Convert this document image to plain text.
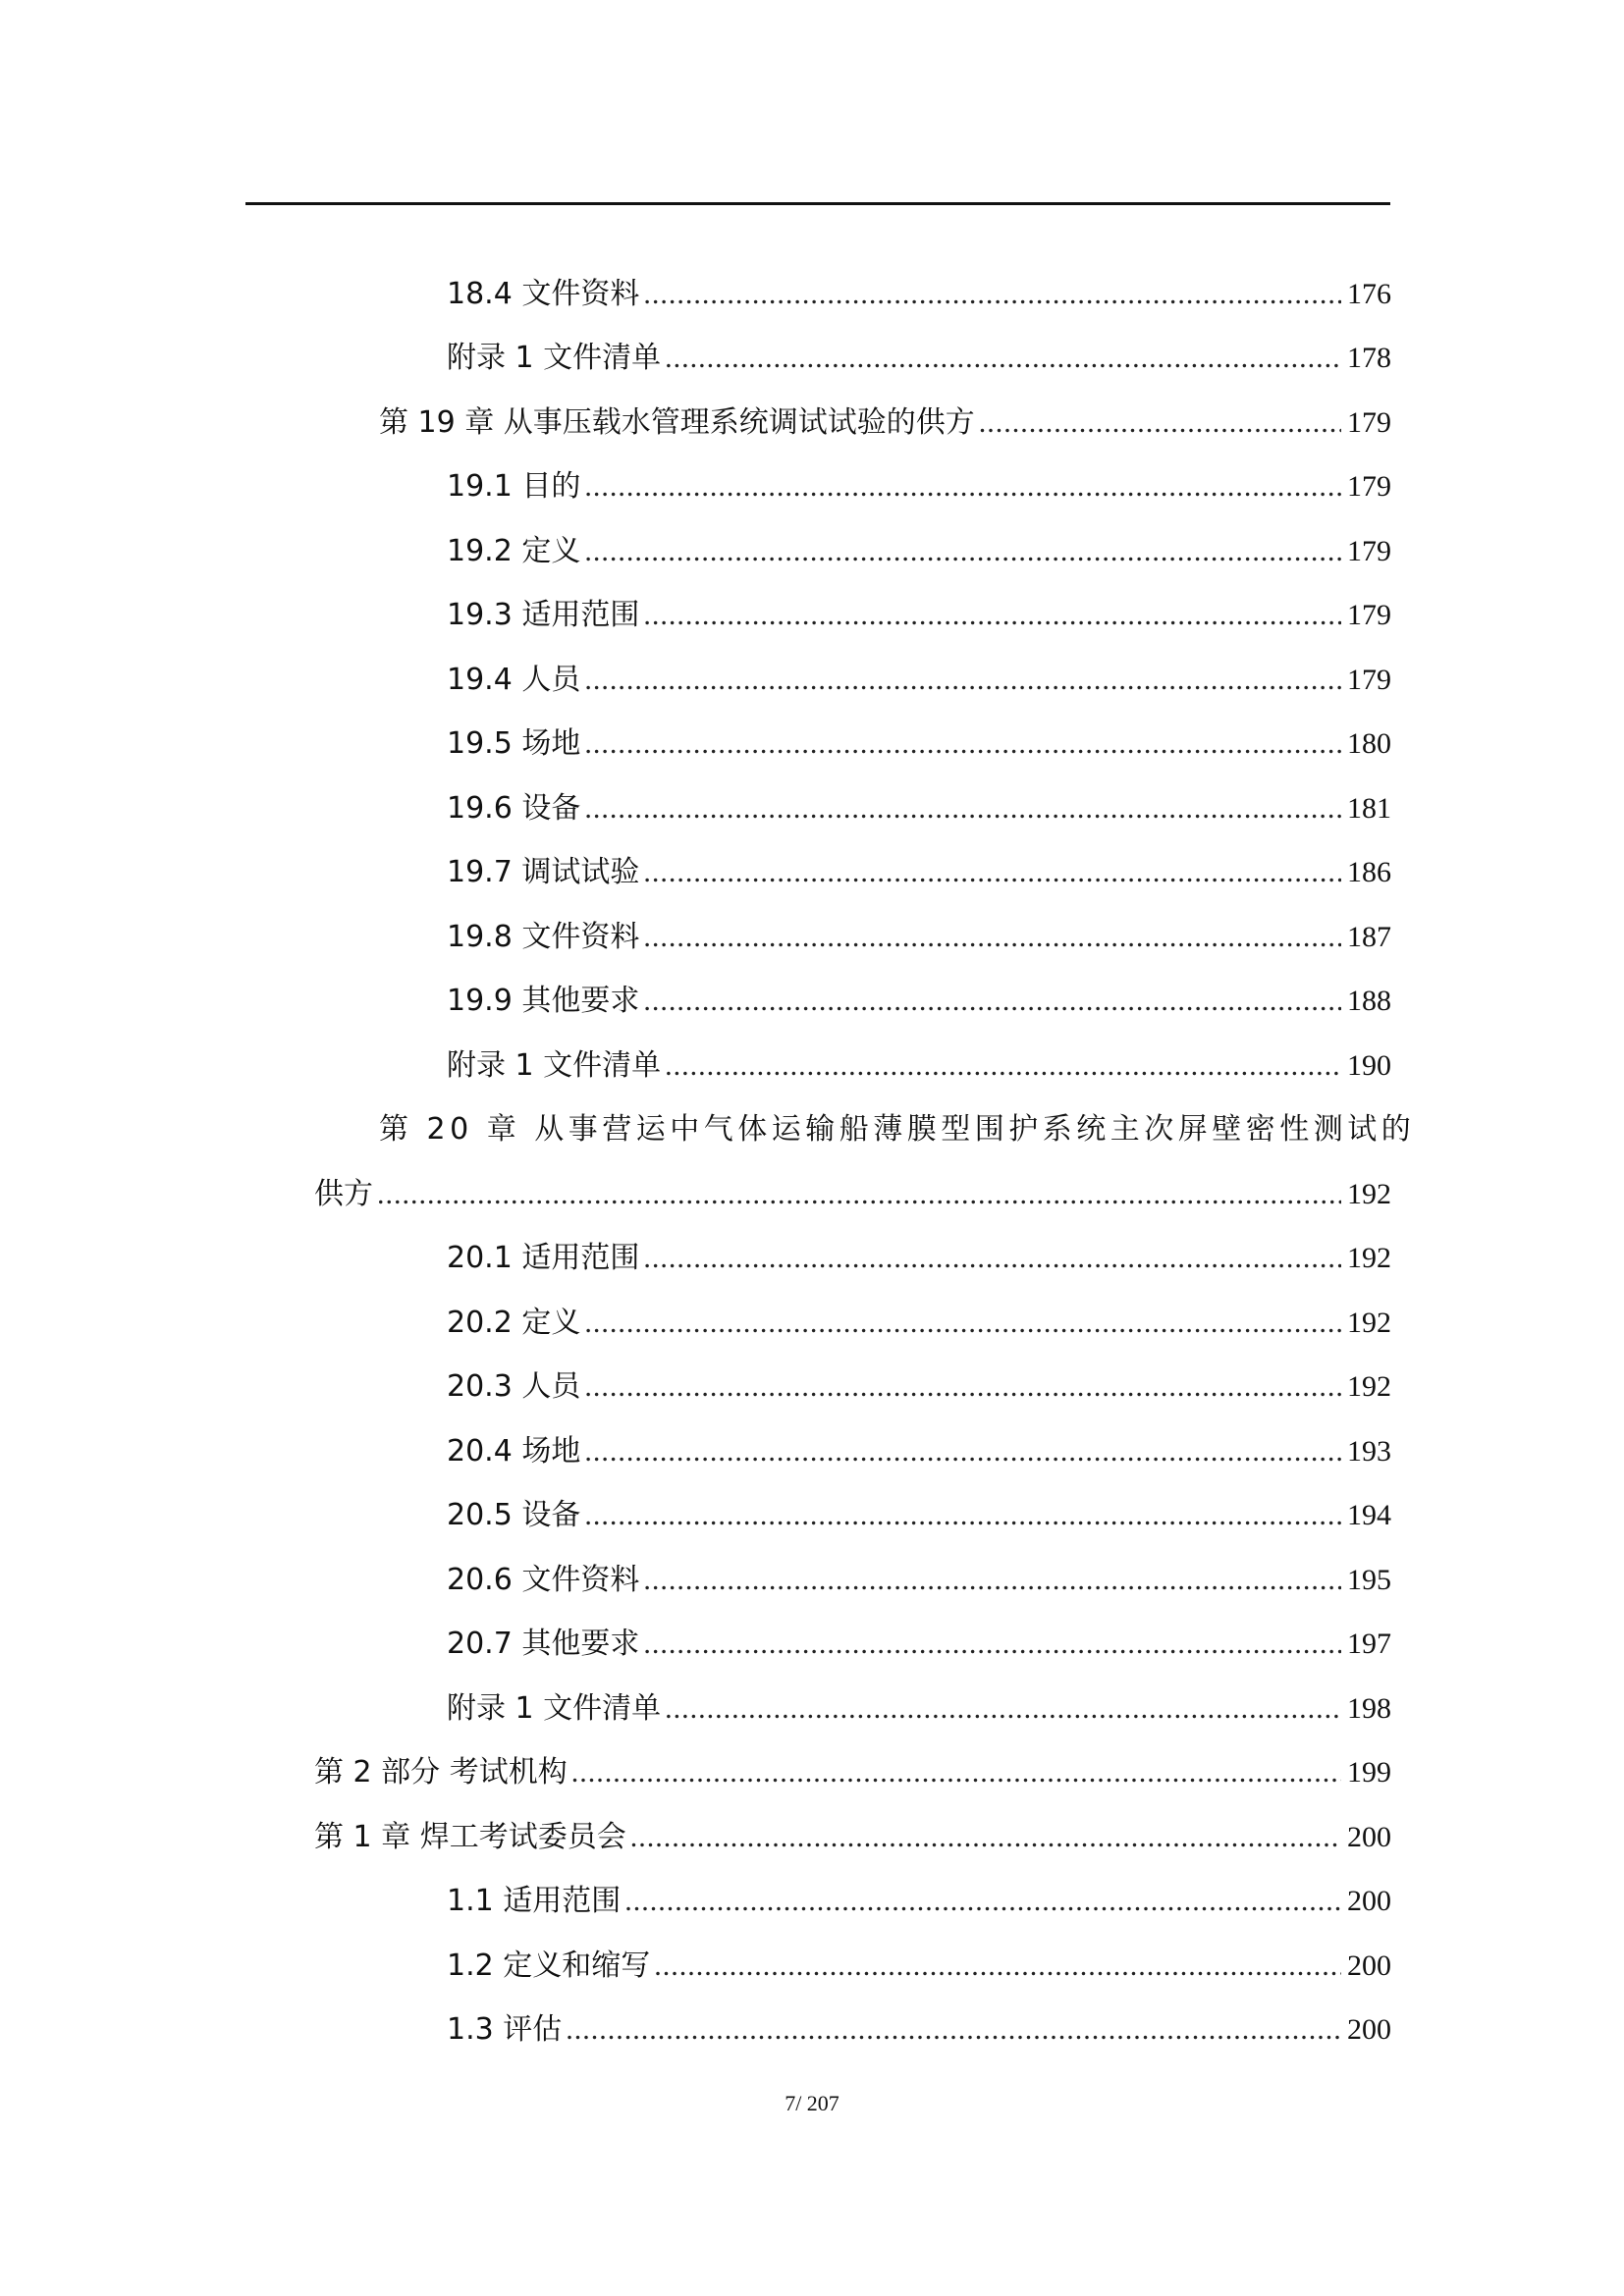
18.4 文件资料 .....	176
附录 1 文件清单 .....	178
第 19 章 从事压载水管理系统调试试验的供方 .....	179
19.1 目的 .....	179
19.2 定义 .....	179
19.3 适用范围 .....	179
19.4 人员 .....	179
19.5 场地 .....	180
19.6 设备 .....	181
19.7 调试试验 .....	186
19.8 文件资料 .....	187
19.9 其他要求 .....	188
附录 1 文件清单 .....	190
第 20 章 从事营运中气体运输船薄膜型围护系统主次屏壁密性测试的
供方 .....	192
20.1 适用范围 .....	192
20.2 定义 .....	192
20.3 人员 .....	192
20.4 场地 .....	193
20.5 设备 .....	194
20.6 文件资料 .....	195
20.7 其他要求 .....	197
附录 1 文件清单 .....	198
第 2 部分 考试机构 .....	199
第 1 章 焊工考试委员会 .....	200
1.1 适用范围 .....	200
1.2 定义和缩写 .....	200
1.3 评估 .....	200
7/ 207
